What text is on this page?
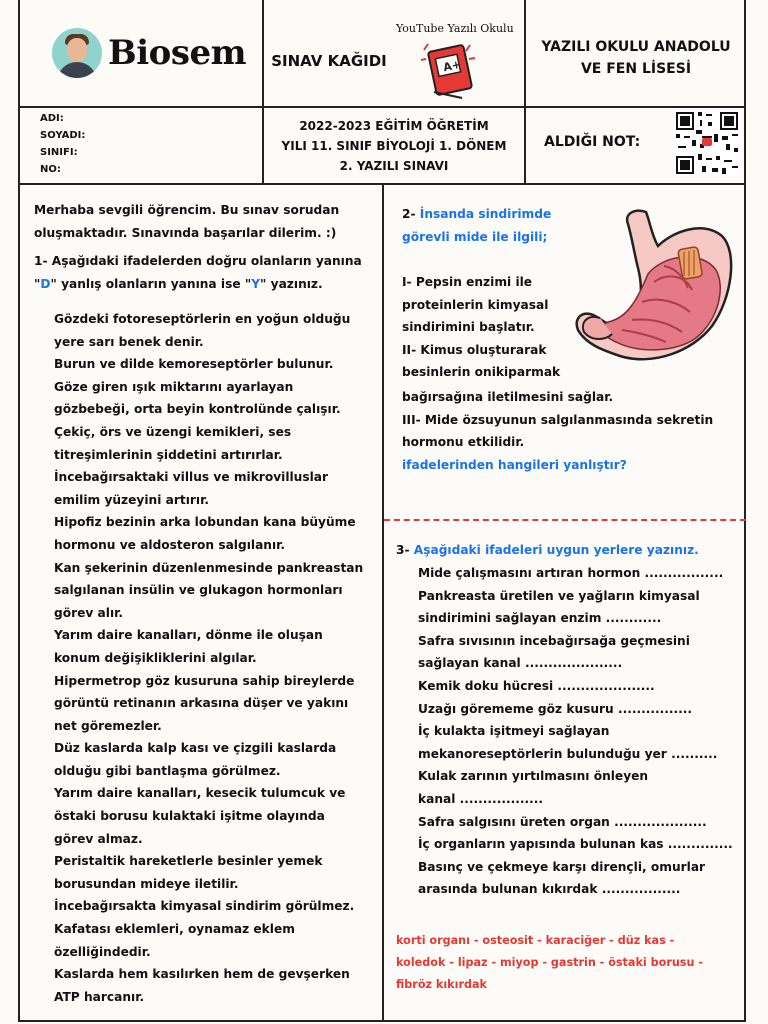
Biosem	SINAV KAĞIDI
YouTube Yazılı Okulu
A+
YAZILI OKULU ANADOLU
VE FEN LİSESİ
ADI:
SOYADI:
SINIFI:
NO:
2022-2023 EĞİTİM ÖĞRETİM
YILI 11. SINIF BİYOLOJİ 1. DÖNEM
2. YAZILI SINAVI
ALDIĞI NOT:
Merhaba sevgili öğrencim. Bu sınav sorudan
oluşmaktadır. Sınavında başarılar dilerim. :)
1- Aşağıdaki ifadelerden doğru olanların yanına
"D" yanlış olanların yanına ise "Y" yazınız.
Gözdeki fotoreseptörlerin en yoğun olduğu
yere sarı benek denir.
Burun ve dilde kemoreseptörler bulunur.
Göze giren ışık miktarını ayarlayan
gözbebeği, orta beyin kontrolünde çalışır.
Çekiç, örs ve üzengi kemikleri, ses
titreşimlerinin şiddetini artırırlar.
İncebağırsaktaki villus ve mikrovilluslar
emilim yüzeyini artırır.
Hipofiz bezinin arka lobundan kana büyüme
hormonu ve aldosteron salgılanır.
Kan şekerinin düzenlenmesinde pankreastan
salgılanan insülin ve glukagon hormonları
görev alır.
Yarım daire kanalları, dönme ile oluşan
konum değişikliklerini algılar.
Hipermetrop göz kusuruna sahip bireylerde
görüntü retinanın arkasına düşer ve yakını
net göremezler.
Düz kaslarda kalp kası ve çizgili kaslarda
olduğu gibi bantlaşma görülmez.
Yarım daire kanalları, kesecik tulumcuk ve
östaki borusu kulaktaki işitme olayında
görev almaz.
Peristaltik hareketlerle besinler yemek
borusundan mideye iletilir.
İncebağırsakta kimyasal sindirim görülmez.
Kafatası eklemleri, oynamaz eklem
özelliğindedir.
Kaslarda hem kasılırken hem de gevşerken
ATP harcanır.
2- İnsanda sindirimde
görevli mide ile ilgili;
I- Pepsin enzimi ile
proteinlerin kimyasal
sindirimini başlatır.
II- Kimus oluşturarak
besinlerin onikiparmak
bağırsağına iletilmesini sağlar.
III- Mide özsuyunun salgılanmasında sekretin
hormonu etkilidir.
ifadelerinden hangileri yanlıştır?
3- Aşağıdaki ifadeleri uygun yerlere yazınız.
Mide çalışmasını artıran hormon .................
Pankreasta üretilen ve yağların kimyasal
sindirimini sağlayan enzim ............
Safra sıvısının incebağırsağa geçmesini
sağlayan kanal .....................
Kemik doku hücresi .....................
Uzağı görememe göz kusuru ................
İç kulakta işitmeyi sağlayan
mekanoreseptörlerin bulunduğu yer ..........
Kulak zarının yırtılmasını önleyen
kanal ..................
Safra salgısını üreten organ ....................
İç organların yapısında bulunan kas ..............
Basınç ve çekmeye karşı dirençli, omurlar
arasında bulunan kıkırdak .................
korti organı - osteosit - karaciğer - düz kas -
koledok - lipaz - miyop - gastrin - östaki borusu -
fibröz kıkırdak
